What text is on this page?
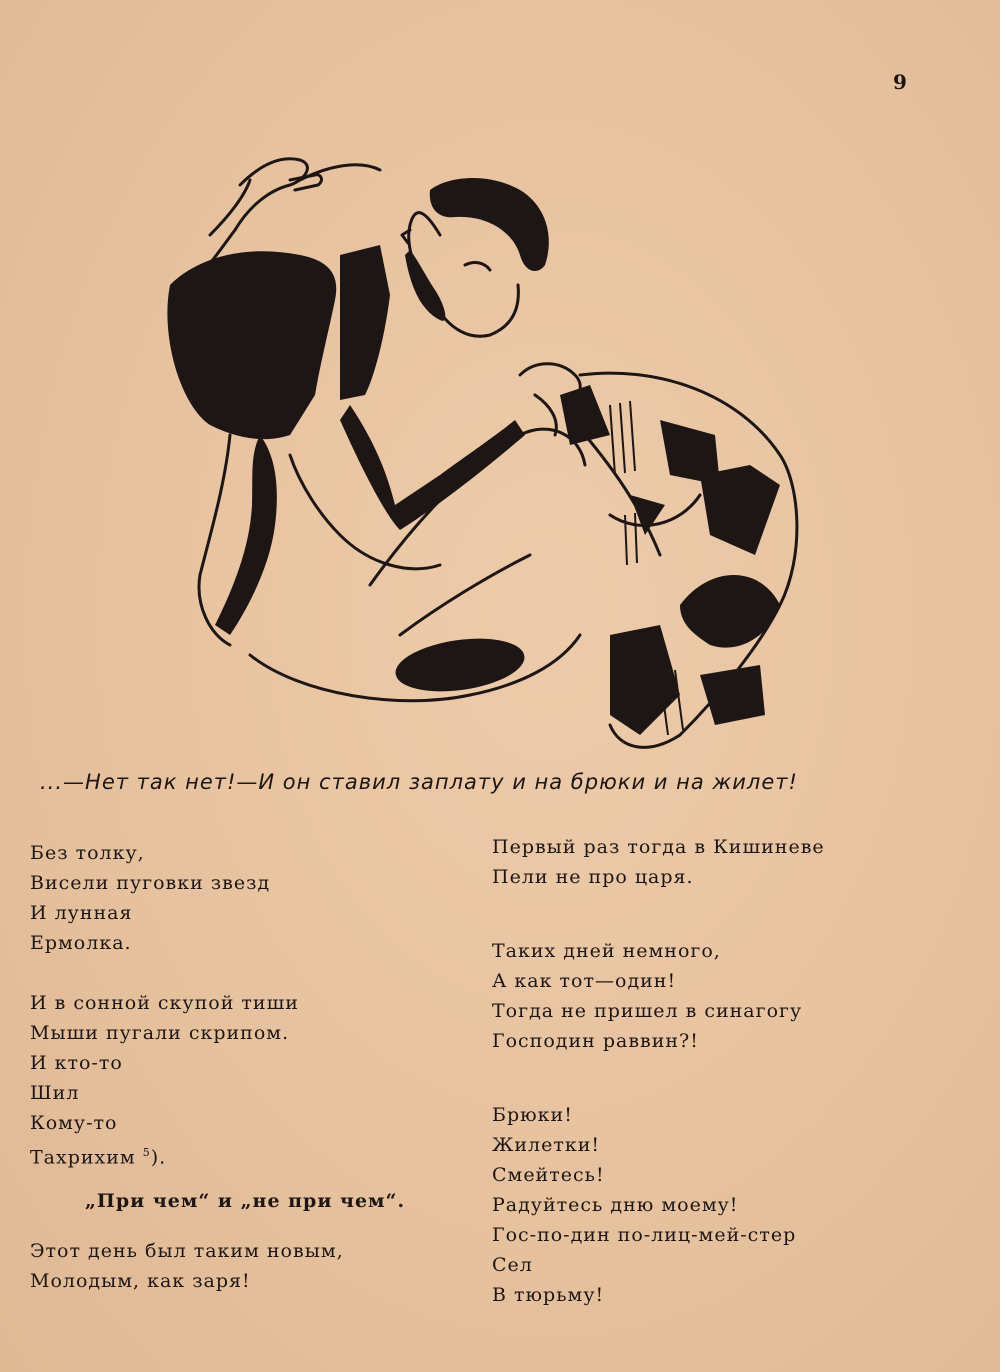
9
...—Нет так нет!—И он ставил заплату и на брюки и на жилет!
Без толку,
Висели пуговки звезд
И лунная
Ермолка.
И в сонной скупой тиши
Мыши пугали скрипом.
И кто-то
Шил
Кому-то
Тахрихим $^5$).
„При чем“ и „не при чем“.
Этот день был таким новым,
Молодым, как заря!
Первый раз тогда в Кишиневе
Пели не про царя.
Таких дней немного,
А как тот—один!
Тогда не пришел в синагогу
Господин раввин?!
Брюки!
Жилетки!
Смейтесь!
Радуйтесь дню моему!
Гос-по-дин по-лиц-мей-стер
Сел
В тюрьму!
